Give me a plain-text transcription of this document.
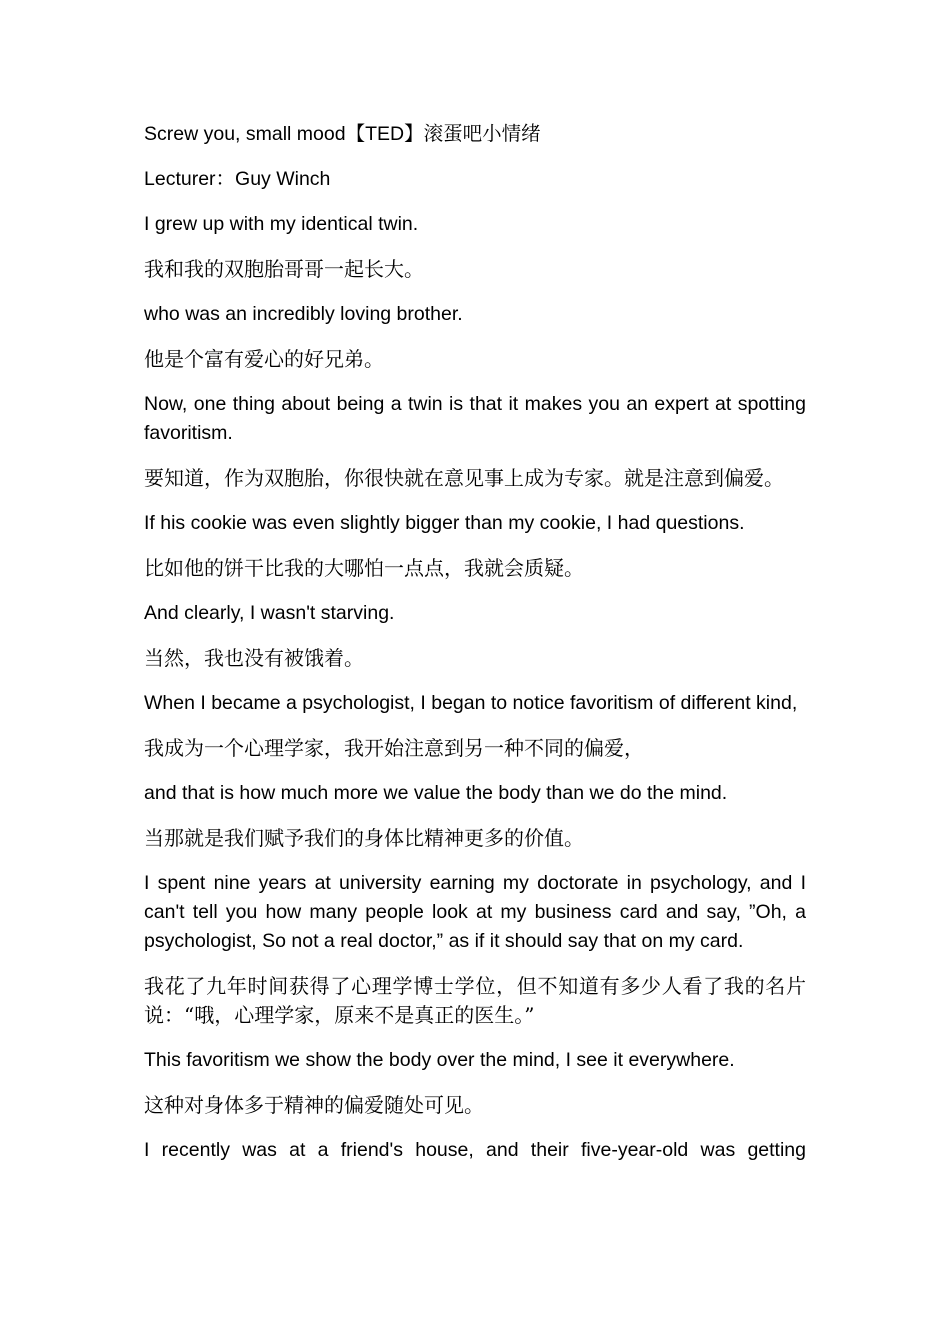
Screw you, small mood【TED】滚蛋吧小情绪

Lecturer：Guy Winch

I grew up with my identical twin.

我和我的双胞胎哥哥一起长大。

who was an incredibly loving brother.

他是个富有爱心的好兄弟。

Now, one thing about being a twin is that it makes you an expert at spotting favoritism.

要知道，作为双胞胎，你很快就在意见事上成为专家。就是注意到偏爱。

If his cookie was even slightly bigger than my cookie, I had questions.

比如他的饼干比我的大哪怕一点点，我就会质疑。

And clearly, I wasn't starving.

当然，我也没有被饿着。

When I became a psychologist, I began to notice favoritism of different kind,

我成为一个心理学家，我开始注意到另一种不同的偏爱，

and that is how much more we value the body than we do the mind.

当那就是我们赋予我们的身体比精神更多的价值。

I spent nine years at university earning my doctorate in psychology, and I can't tell you how many people look at my business card and say, ”Oh, a psychologist, So not a real doctor,” as if it should say that on my card.

我花了九年时间获得了心理学博士学位，但不知道有多少人看了我的名片说：“哦，心理学家，原来不是真正的医生。”

This favoritism we show the body over the mind, I see it everywhere.

这种对身体多于精神的偏爱随处可见。

I recently was at a friend's house, and their five-year-old was getting
